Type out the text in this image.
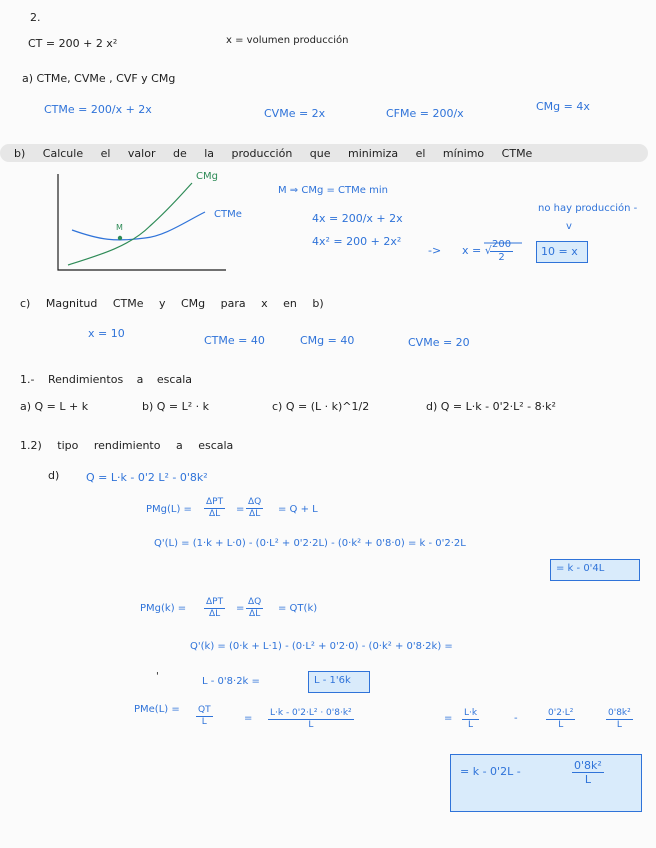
2.
CT = 200 + 2 x²	x = volumen producción
a) CTMe, CVMe , CVF y CMg
CTMe = 200/x + 2x	CVMe = 2x	CFMe = 200/x
CMg = 4x
b) Calcule el valor de la producción que minimiza el mínimo CTMe
CMg
CTMe
M
M ⇒ CMg = CTMe min
4x = 200/x + 2x
4x² = 200 + 2x²
-> x = √
$\frac{200}{2}$	10 = x
no hay producción -
v
c) Magnitud CTMe y CMg para x en b)
x = 10
CTMe = 40	CMg = 40	CVMe = 20
1.- Rendimientos a escala
a) Q = L + k	b) Q = L² · k	c) Q = (L · k)^1/2	d) Q = L·k - 0'2·L² - 8·k²
1.2) tipo rendimiento a escala
d) Q = L·k - 0'2 L² - 0'8k²
PMg(L) =
ΔPT
ΔL	= $\frac{\Delta Q}{\Delta L} = Q + L$
Q'(L) = (1·k + L·0) - (0·L² + 0'2·2L) - (0·k² + 0'8·0) = k - 0'2·2L
= k - 0'4L
PMg(k) =
ΔPT
ΔL	= $\frac{\Delta Q}{\Delta L} = QT(k)$
Q'(k) = (0·k + L·1) - (0·L² + 0'2·0) - (0·k² + 0'8·2k) =
'	L - 0'8·2k =	L - 1'6k
$PMe(L) = \frac{QT}{L}$	= $\frac{\text{L·k - 0'2·L² · 0'8·k²}}{L}$	= $\frac{L\cdot k}{L}$	-	$\frac{\text{0'2·L²}}{L}$	$\frac{\text{0'8k²}}{L}$
= k - 0'2L -	$\frac{\text{0'8k²}}{L}$
